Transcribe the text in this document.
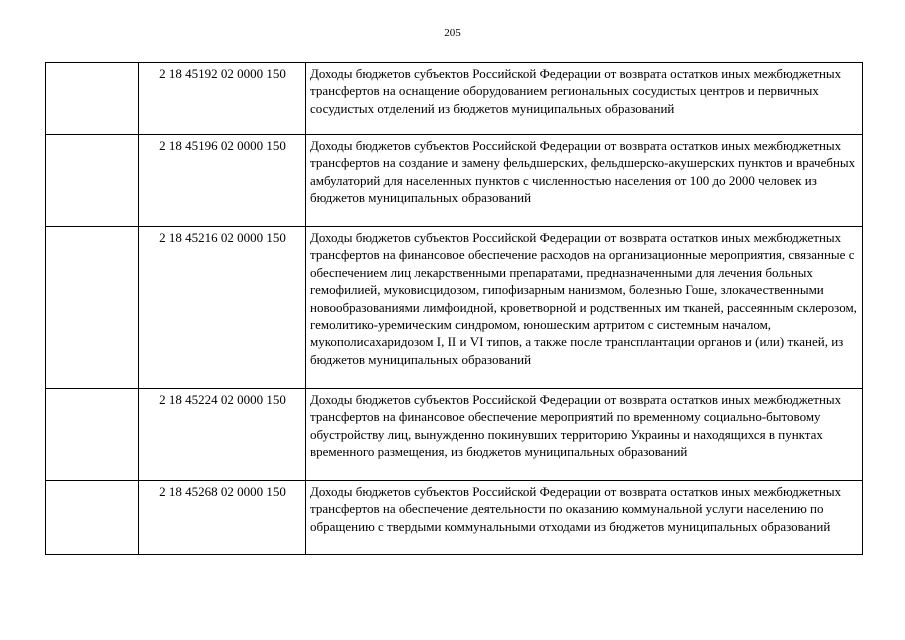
205
	2 18 45192 02 0000 150	Доходы бюджетов субъектов Российской Федерации от возврата остатков иных межбюджетных трансфертов на оснащение оборудованием региональных сосудистых центров и первичных сосудистых отделений из бюджетов муниципальных образований
	2 18 45196 02 0000 150	Доходы бюджетов субъектов Российской Федерации от возврата остатков иных межбюджетных трансфертов на создание и замену фельдшерских, фельдшерско-акушерских пунктов и врачебных амбулаторий для населенных пунктов с численностью населения от 100 до 2000 человек из бюджетов муниципальных образований
	2 18 45216 02 0000 150	Доходы бюджетов субъектов Российской Федерации от возврата остатков иных межбюджетных трансфертов на финансовое обеспечение расходов на организационные мероприятия, связанные с обеспечением лиц лекарственными препаратами, предназначенными для лечения больных гемофилией, муковисцидозом, гипофизарным нанизмом, болезнью Гоше, злокачественными новообразованиями лимфоидной, кроветворной и родственных им тканей, рассеянным склерозом, гемолитико-уремическим синдромом, юношеским артритом с системным началом, мукополисахаридозом I, II и VI типов, а также после трансплантации органов и (или) тканей, из бюджетов муниципальных образований
	2 18 45224 02 0000 150	Доходы бюджетов субъектов Российской Федерации от возврата остатков иных межбюджетных трансфертов на финансовое обеспечение мероприятий по временному социально-бытовому обустройству лиц, вынужденно покинувших территорию Украины и находящихся в пунктах временного размещения, из бюджетов муниципальных образований
	2 18 45268 02 0000 150	Доходы бюджетов субъектов Российской Федерации от возврата остатков иных межбюджетных трансфертов на обеспечение деятельности по оказанию коммунальной услуги населению по обращению с твердыми коммунальными отходами из бюджетов муниципальных образований
